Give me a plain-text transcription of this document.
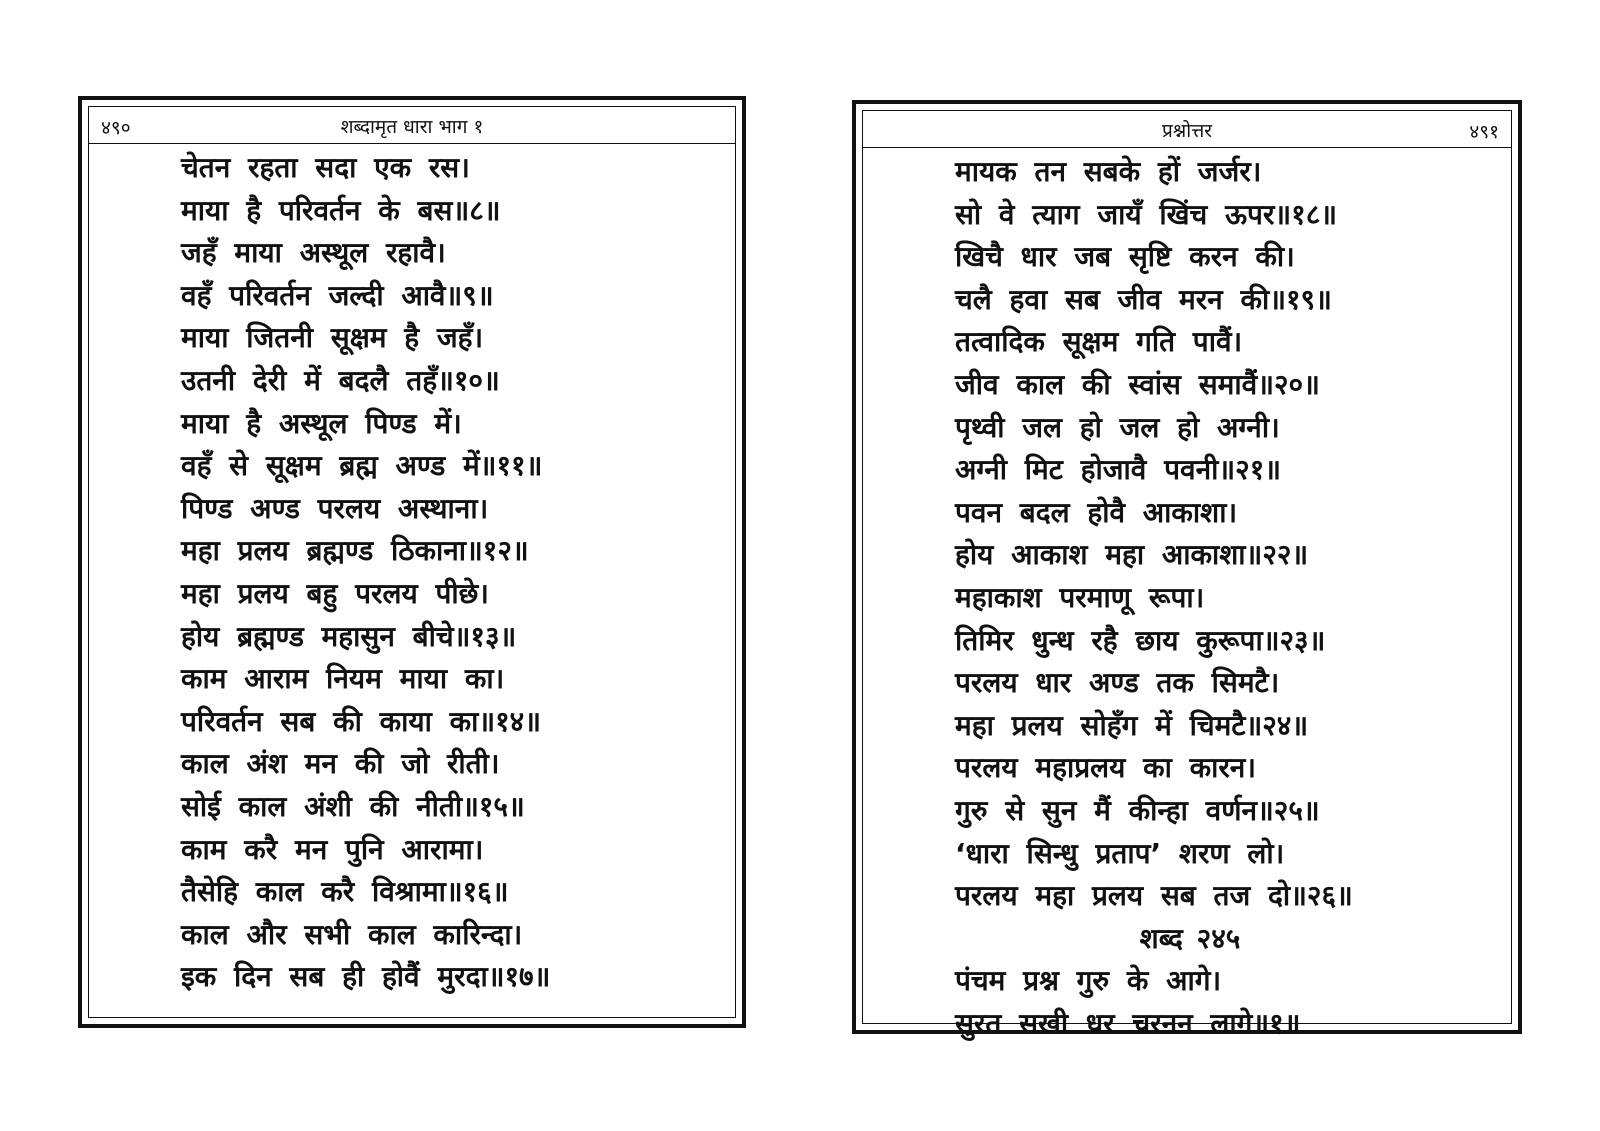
४९०	शब्दामृत धारा भाग १
चेतन रहता सदा एक रस।
माया है परिवर्तन के बस॥८॥
जहँ माया अस्थूल रहावै।
वहँ परिवर्तन जल्दी आवै॥९॥
माया जितनी सूक्षम है जहँ।
उतनी देरी में बदलै तहँ॥१०॥
माया है अस्थूल पिण्ड में।
वहँ से सूक्षम ब्रह्म अण्ड में॥११॥
पिण्ड अण्ड परलय अस्थाना।
महा प्रलय ब्रह्मण्ड ठिकाना॥१२॥
महा प्रलय बहु परलय पीछे।
होय ब्रह्मण्ड महासुन बीचे॥१३॥
काम आराम नियम माया का।
परिवर्तन सब की काया का॥१४॥
काल अंश मन की जो रीती।
सोई काल अंशी की नीती॥१५॥
काम करै मन पुनि आरामा।
तैसेहि काल करै विश्रामा॥१६॥
काल और सभी काल कारिन्दा।
इक दिन सब ही होवैं मुरदा॥१७॥
प्रश्नोत्तर	४९१
मायक तन सबके हों जर्जर।
सो वे त्याग जायँ खिंच ऊपर॥१८॥
खिचै धार जब सृष्टि करन की।
चलै हवा सब जीव मरन की॥१९॥
तत्वादिक सूक्षम गति पावैं।
जीव काल की स्वांस समावैं॥२०॥
पृथ्वी जल हो जल हो अग्नी।
अग्नी मिट होजावै पवनी॥२१॥
पवन बदल होवै आकाशा।
होय आकाश महा आकाशा॥२२॥
महाकाश परमाणू रूपा।
तिमिर धुन्ध रहै छाय कुरूपा॥२३॥
परलय धार अण्ड तक सिमटै।
महा प्रलय सोहँग में चिमटै॥२४॥
परलय महाप्रलय का कारन।
गुरु से सुन मैं कीन्हा वर्णन॥२५॥
‘धारा सिन्धु प्रताप’ शरण लो।
परलय महा प्रलय सब तज दो॥२६॥
शब्द २४५
पंचम प्रश्न गुरु के आगे।
सुरत सखी धर चरनन लागे॥१॥
